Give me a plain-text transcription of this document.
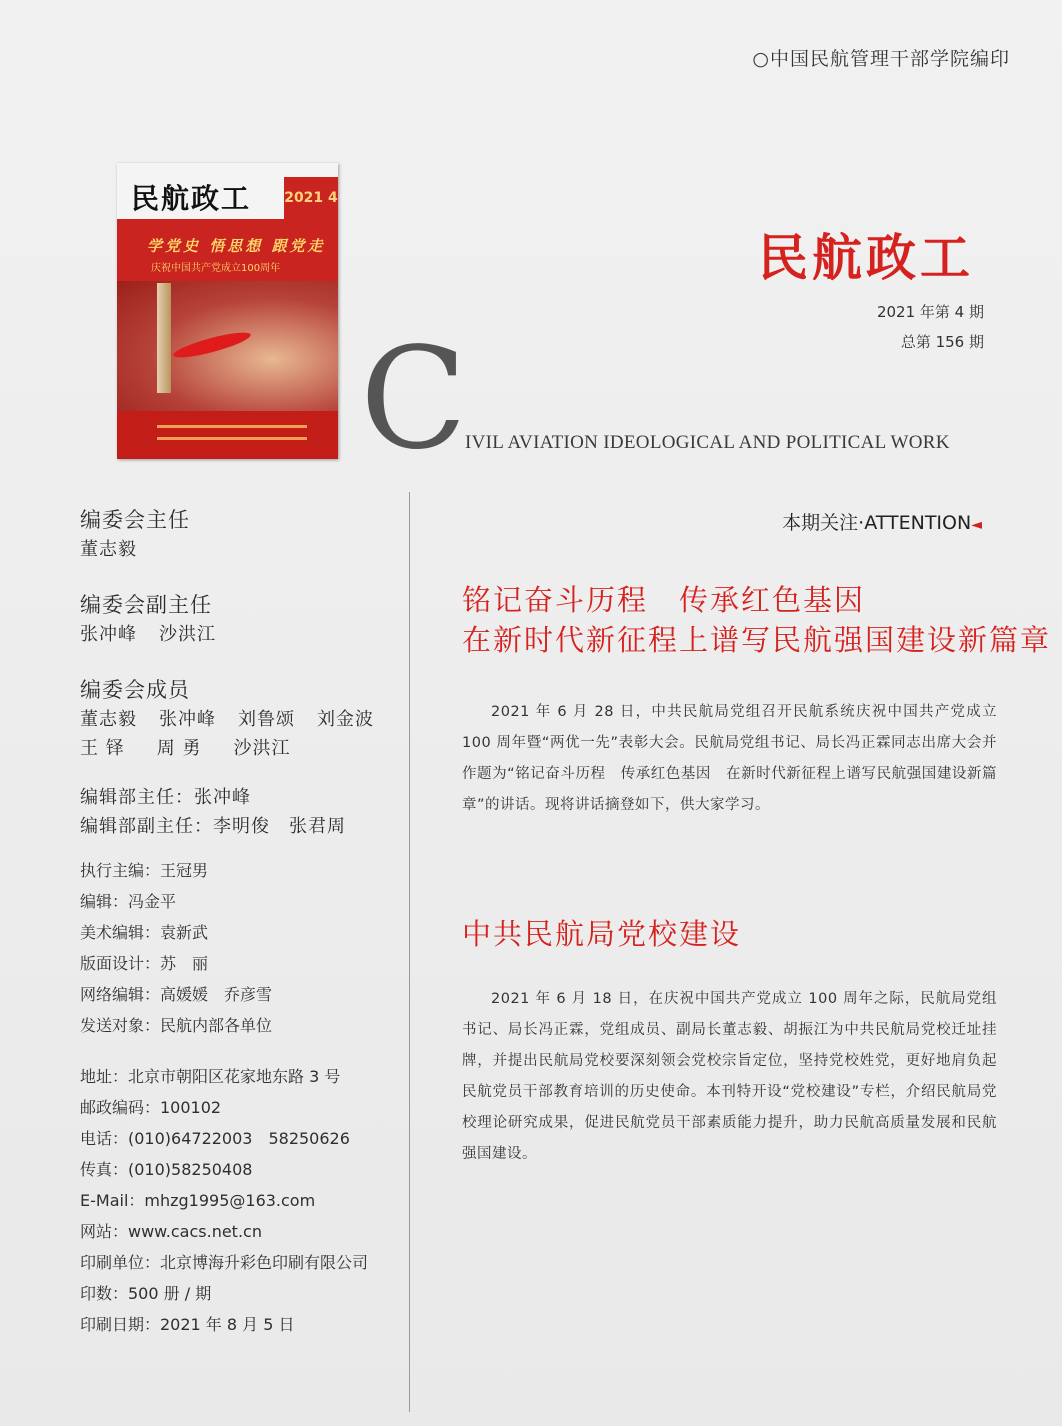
○中国民航管理干部学院编印
民航政工 2021 4
学党史 悟思想 跟党走
庆祝中国共产党成立100周年	民航政工
2021 年第 4 期
总第 156 期
C
IVIL AVIATION IDEOLOGICAL AND POLITICAL WORK

编委会主任

董志毅

编委会副主任

张冲峰 沙洪江

编委会成员

董志毅 张冲峰 刘鲁颂 刘金波
王 铎 周 勇 沙洪江

编辑部主任：张冲峰

编辑部副主任：李明俊　张君周

执行主编：王冠男

编辑：冯金平

美术编辑：袁新武

版面设计：苏　丽

网络编辑：高媛媛　乔彦雪

发送对象：民航内部各单位

地址：北京市朝阳区花家地东路 3 号

邮政编码：100102

电话：(010)64722003　58250626

传真：(010)58250408

E-Mail：mhzg1995@163.com

网站：www.cacs.net.cn

印刷单位：北京博海升彩色印刷有限公司

印数：500 册 / 期

印刷日期：2021 年 8 月 5 日

本期关注·ATTENTION◄
铭记奋斗历程　传承红色基因
在新时代新征程上谱写民航强国建设新篇章
2021 年 6 月 28 日，中共民航局党组召开民航系统庆祝中国共产党成立 100 周年暨“两优一先”表彰大会。民航局党组书记、局长冯正霖同志出席大会并作题为“铭记奋斗历程　传承红色基因　在新时代新征程上谱写民航强国建设新篇章”的讲话。现将讲话摘登如下，供大家学习。
中共民航局党校建设
2021 年 6 月 18 日，在庆祝中国共产党成立 100 周年之际，民航局党组书记、局长冯正霖，党组成员、副局长董志毅、胡振江为中共民航局党校迁址挂牌，并提出民航局党校要深刻领会党校宗旨定位，坚持党校姓党，更好地肩负起民航党员干部教育培训的历史使命。本刊特开设“党校建设”专栏，介绍民航局党校理论研究成果，促进民航党员干部素质能力提升，助力民航高质量发展和民航强国建设。
